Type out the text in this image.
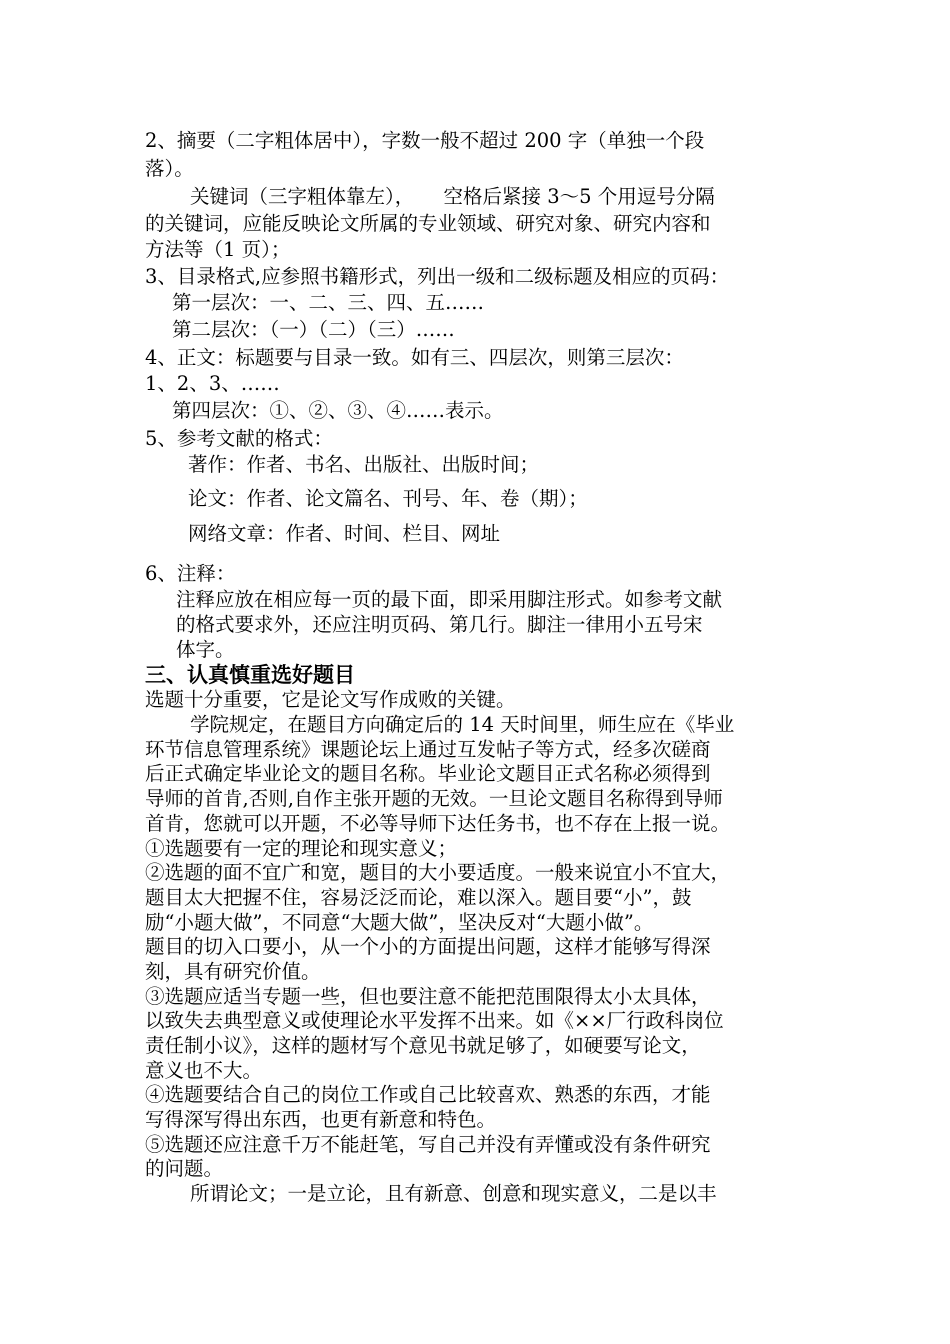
2、摘要（二字粗体居中），字数一般不超过 200 字（单独一个段
落）。
关键词（三字粗体靠左），　　空格后紧接 3～5 个用逗号分隔
的关键词，应能反映论文所属的专业领域、研究对象、研究内容和
方法等（1 页）；
3、目录格式,应参照书籍形式，列出一级和二级标题及相应的页码：
第一层次：一、二、三、四、五……
第二层次：（一）（二）（三）……
4、正文：标题要与目录一致。如有三、四层次，则第三层次：
1、2、3、……
第四层次：①、②、③、④……表示。
5、参考文献的格式：
著作：作者、书名、出版社、出版时间；
论文：作者、论文篇名、刊号、年、卷（期）；
网络文章：作者、时间、栏目、网址
6、注释：
注释应放在相应每一页的最下面，即采用脚注形式。如参考文献
的格式要求外，还应注明页码、第几行。脚注一律用小五号宋
体字。
三、认真慎重选好题目
选题十分重要，它是论文写作成败的关键。
学院规定，在题目方向确定后的 14 天时间里，师生应在《毕业
环节信息管理系统》课题论坛上通过互发帖子等方式，经多次磋商
后正式确定毕业论文的题目名称。毕业论文题目正式名称必须得到
导师的首肯,否则,自作主张开题的无效。一旦论文题目名称得到导师
首肯，您就可以开题，不必等导师下达任务书，也不存在上报一说。
①选题要有一定的理论和现实意义；
②选题的面不宜广和宽，题目的大小要适度。一般来说宜小不宜大，
题目太大把握不住，容易泛泛而论，难以深入。题目要“小”，鼓
励“小题大做”，不同意“大题大做”，坚决反对“大题小做”。
题目的切入口要小，从一个小的方面提出问题，这样才能够写得深
刻，具有研究价值。
③选题应适当专题一些，但也要注意不能把范围限得太小太具体，
以致失去典型意义或使理论水平发挥不出来。如《××厂行政科岗位
责任制小议》，这样的题材写个意见书就足够了，如硬要写论文，
意义也不大。
④选题要结合自己的岗位工作或自己比较喜欢、熟悉的东西，才能
写得深写得出东西，也更有新意和特色。
⑤选题还应注意千万不能赶笔，写自己并没有弄懂或没有条件研究
的问题。
所谓论文；一是立论，且有新意、创意和现实意义，二是以丰
